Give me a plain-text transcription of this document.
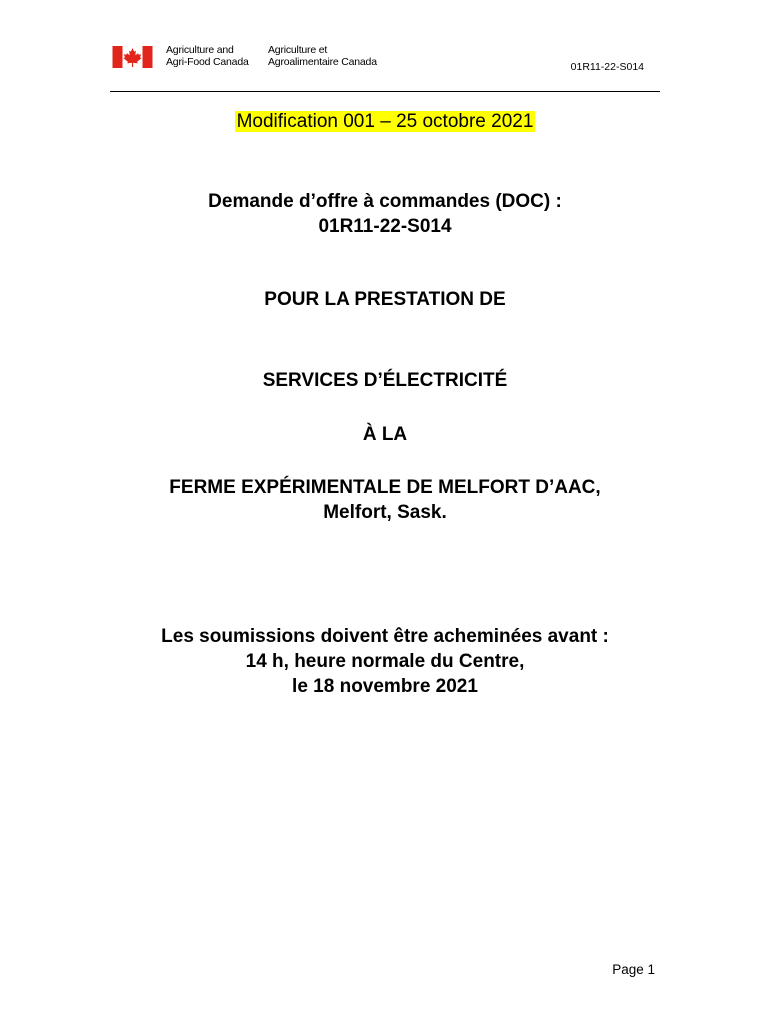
Agriculture and
Agri-Food Canada
Agriculture et
Agroalimentaire Canada	01R11-22-S014
Modification 001 – 25 octobre 2021
Demande d’offre à commandes (DOC) :
01R11-22-S014
POUR LA PRESTATION DE
SERVICES D’ÉLECTRICITÉ
À LA
FERME EXPÉRIMENTALE DE MELFORT D’AAC,
Melfort, Sask.
Les soumissions doivent être acheminées avant :
14 h, heure normale du Centre,
le 18 novembre 2021
Page 1
